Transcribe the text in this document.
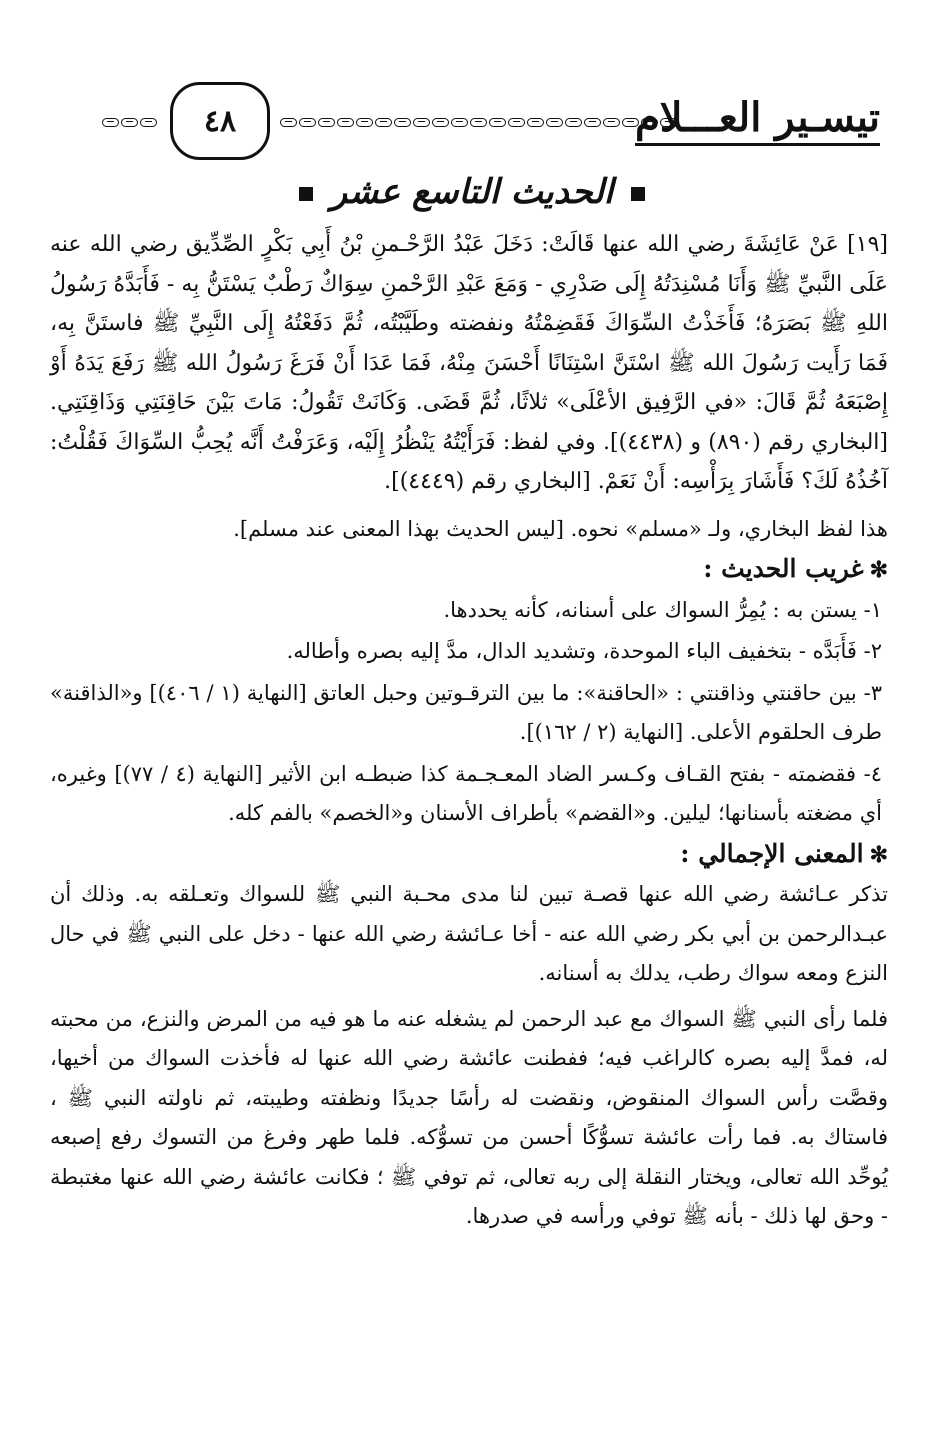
تيسـير العـــلام
٤٨
الحديث التاسع عشر

[١٩] عَنْ عَائِشَةَ رضي الله عنها قَالَتْ: دَخَلَ عَبْدُ الرَّحْـمنِ بْنُ أَبِي بَكْرٍ الصِّدِّيق رضي الله عنه عَلَى النَّبيِّ ﷺ وَأَنَا مُسْنِدَتُهُ إِلَى صَدْرِي - وَمَعَ عَبْدِ الرَّحْمنِ سِوَاكٌ رَطْبٌ يَسْتَنُّ بِه - فَأَبَدَّهُ رَسُولُ اللهِ ﷺ بَصَرَهُ؛ فَأَخَذْتُ السِّوَاكَ فَقَضِمْتُهُ ونفضته وطَيَّبْتُه، ثُمَّ دَفَعْتُهُ إِلَى النَّبِيِّ ﷺ فاستَنَّ بِه، فَمَا رَأَيت رَسُولَ الله ﷺ اسْتَنَّ اسْتِنَانًا أَحْسَنَ مِنْهُ، فَمَا عَدَا أَنْ فَرَغَ رَسُولُ الله ﷺ رَفَعَ يَدَهُ أَوْ إِصْبَعَهُ ثُمَّ قَالَ: «في الرَّفِيق الأعْلَى» ثلاثًا، ثُمَّ قَضَى. وَكَانَتْ تَقُولُ: مَاتَ بَيْنَ حَاقِنَتِي وَذَاقِنَتِي. [البخاري رقم (٨٩٠) و (٤٤٣٨)]. وفي لفظ: فَرَأَيْتُهُ يَنْظُرُ إِلَيْه، وَعَرَفْتُ أَنَّه يُحِبُّ السِّوَاكَ فَقُلْتُ: آخُذُهُ لَكَ؟ فَأَشَارَ بِرَأْسِه: أَنْ نَعَمْ. [البخاري رقم (٤٤٤٩)].

هذا لفظ البخاري، ولـ «مسلم» نحوه. [ليس الحديث بهذا المعنى عند مسلم].

✻غريب الحديث :

١- يستن به : يُمِرُّ السواك على أسنانه، كأنه يحددها.

٢- فَأَبَدَّه - بتخفيف الباء الموحدة، وتشديد الدال، مدَّ إليه بصره وأطاله.

٣- بين حاقنتي وذاقنتي : «الحاقنة»: ما بين الترقـوتين وحبل العاتق [النهاية (١ / ٤٠٦)] و«الذاقنة» طرف الحلقوم الأعلى. [النهاية (٢ / ١٦٢)].

٤- فقضمته - بفتح القـاف وكـسر الضاد المعـجـمة كذا ضبطـه ابن الأثير [النهاية (٤ / ٧٧)] وغيره، أي مضغته بأسنانها؛ ليلين. و«القضم» بأطراف الأسنان و«الخصم» بالفم كله.

✻المعنى الإجمالي :

تذكر عـائشة رضي الله عنها قصـة تبين لنا مدى محـبة النبي ﷺ للسواك وتعـلقه به. وذلك أن عبـدالرحمن بن أبي بكر رضي الله عنه - أخا عـائشة رضي الله عنها - دخل على النبي ﷺ في حال النزع ومعه سواك رطب، يدلك به أسنانه.

فلما رأى النبي ﷺ السواك مع عبد الرحمن لم يشغله عنه ما هو فيه من المرض والنزع، من محبته له، فمدَّ إليه بصره كالراغب فيه؛ ففطنت عائشة رضي الله عنها له فأخذت السواك من أخيها، وقصَّت رأس السواك المنقوض، ونقضت له رأسًا جديدًا ونظفته وطيبته، ثم ناولته النبي ﷺ ، فاستاك به. فما رأت عائشة تسوُّكًا أحسن من تسوُّكه. فلما طهر وفرغ من التسوك رفع إصبعه يُوحِّد الله تعالى، ويختار النقلة إلى ربه تعالى، ثم توفي ﷺ ؛ فكانت عائشة رضي الله عنها مغتبطة - وحق لها ذلك - بأنه ﷺ توفي ورأسه في صدرها.
